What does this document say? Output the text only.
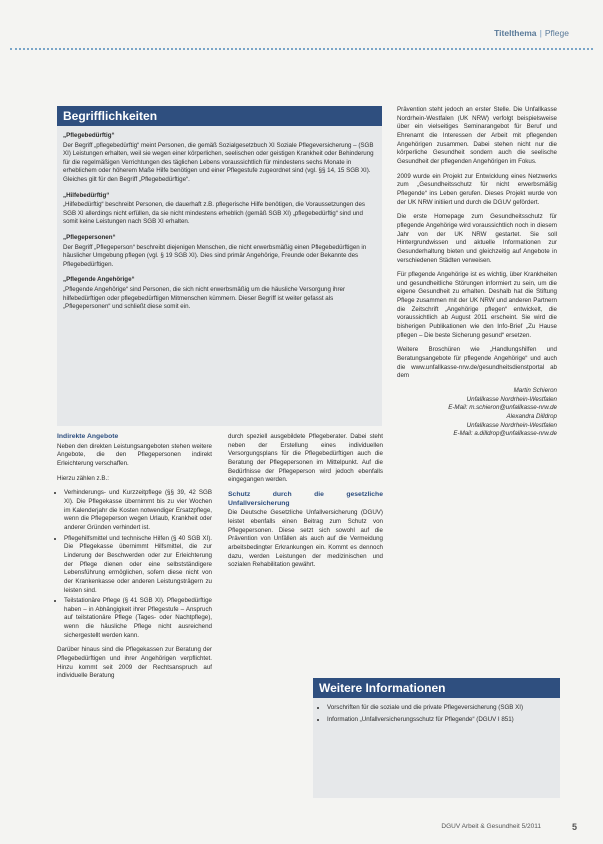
Titelthema | Pflege
Begrifflichkeiten
„Pflegebedürftig“
Der Begriff „pflegebedürftig“ meint Personen, die gemäß Sozialgesetzbuch XI Soziale Pflegeversicherung – (SGB XI) Leistungen erhalten, weil sie wegen einer körperlichen, seelischen oder geistigen Krankheit oder Behinderung für die regelmäßigen Verrichtungen des täglichen Lebens voraussichtlich für mindestens sechs Monate in erheblichem oder höherem Maße Hilfe benötigen und einer Pflegestufe zugeordnet sind (vgl. §§ 14, 15 SGB XI). Gleiches gilt für den Begriff „Pflegebedürftige“.
„Hilfebedürftig“
„Hilfebedürftig“ beschreibt Personen, die dauerhaft z.B. pflegerische Hilfe benötigen, die Voraussetzungen des SGB XI allerdings nicht erfüllen, da sie nicht mindestens erheblich (gemäß SGB XI) „pflegebedürftig“ sind und somit keine Leistungen nach SGB XI erhalten.
„Pflegepersonen“
Der Begriff „Pflegeperson“ beschreibt diejenigen Menschen, die nicht erwerbsmäßig einen Pflegebedürftigen in häuslicher Umgebung pflegen (vgl. § 19 SGB XI). Dies sind primär Angehörige, Freunde oder Bekannte des Pflegebedürftigen.
„Pflegende Angehörige“
„Pflegende Angehörige“ sind Personen, die sich nicht erwerbsmäßig um die häusliche Versorgung ihrer hilfebedürftigen oder pflegebedürftigen Mitmenschen kümmern. Dieser Begriff ist weiter gefasst als „Pflegepersonen“ und schließt diese somit ein.
Indirekte Angebote

Neben den direkten Leistungsangeboten stehen weitere Angebote, die den Pflegepersonen indirekt Erleichterung verschaffen.

Hierzu zählen z.B.:

• Verhinderungs- und Kurzzeitpflege (§§ 39, 42 SGB XI). Die Pflegekasse übernimmt bis zu vier Wochen im Kalenderjahr die Kosten notwendiger Ersatzpflege, wenn die Pflegeperson wegen Urlaub, Krankheit oder anderer Gründen verhindert ist.
• Pflegehilfsmittel und technische Hilfen (§ 40 SGB XI). Die Pflegekasse übernimmt Hilfsmittel, die zur Linderung der Beschwerden oder zur Erleichterung der Pflege dienen oder eine selbstständigere Lebensführung ermöglichen, sofern diese nicht von der Krankenkasse oder anderen Leistungsträgern zu leisten sind.
• Teilstationäre Pflege (§ 41 SGB XI). Pflegebedürftige haben – in Abhängigkeit ihrer Pflegestufe – Anspruch auf teilstationäre Pflege (Tages- oder Nachtpflege), wenn die häusliche Pflege nicht ausreichend sichergestellt werden kann.

Darüber hinaus sind die Pflegekassen zur Beratung der Pflegebedürftigen und ihrer Angehörigen verpflichtet. Hinzu kommt seit 2009 der Rechtsanspruch auf individuelle Beratung

durch speziell ausgebildete Pflegeberater. Dabei steht neben der Erstellung eines individuellen Versorgungsplans für die Pflegebedürftigen auch die Beratung der Pflegepersonen im Mittelpunkt. Auf die Bedürfnisse der Pflegeperson wird jedoch ebenfalls eingegangen werden.

Schutz durch die gesetzliche Unfallversicherung

Die Deutsche Gesetzliche Unfallversicherung (DGUV) leistet ebenfalls einen Beitrag zum Schutz von Pflegepersonen. Diese setzt sich sowohl auf die Prävention von Unfällen als auch auf die Vermeidung arbeitsbedingter Erkrankungen ein. Kommt es dennoch dazu, werden Leistungen der medizinischen und sozialen Rehabilitation gewährt.

Prävention steht jedoch an erster Stelle. Die Unfallkasse Nordrhein-Westfalen (UK NRW) verfolgt beispielsweise über ein vielseitiges Seminarangebot für Beruf und Ehrenamt die Interessen der Arbeit mit pflegenden Angehörigen zusammen. Dabei stehen nicht nur die körperliche Gesundheit sondern auch die seelische Gesundheit der pflegenden Angehörigen im Fokus.

2009 wurde ein Projekt zur Entwicklung eines Netzwerks zum „Gesundheitsschutz für nicht erwerbsmäßig Pflegende“ ins Leben gerufen. Dieses Projekt wurde von der UK NRW initiiert und durch die DGUV gefördert.

Die erste Homepage zum Gesundheitsschutz für pflegende Angehörige wird voraussichtlich noch in diesem Jahr von der UK NRW gestartet. Sie soll Hintergrundwissen und aktuelle Informationen zur Gesunderhaltung bieten und gleichzeitig auf Angebote in verschiedenen Städten verweisen.

Für pflegende Angehörige ist es wichtig, über Krankheiten und gesundheitliche Störungen informiert zu sein, um die eigene Gesundheit zu erhalten. Deshalb hat die Stiftung Pflege zusammen mit der UK NRW und anderen Partnern die Zeitschrift „Angehörige pflegen“ entwickelt, die voraussichtlich ab August 2011 erscheint. Sie wird die bisherigen Publikationen wie den Info-Brief „Zu Hause pflegen – Die beste Sicherung gesund“ ersetzen.

Weitere Broschüren wie „Handlungshilfen und Beratungsangebote für pflegende Angehörige“ und auch die www.unfallkasse-nrw.de/gesundheitsdienstportal ab dem

Martin Schieron

Unfallkasse Nordrhein-Westfalen

E-Mail: m.schieron@unfallkasse-nrw.de

Alexandra Dilldrop

Unfallkasse Nordrhein-Westfalen

E-Mail: a.dilldrop@unfallkasse-nrw.de

Weitere Informationen
• Vorschriften für die soziale und die private Pflegeversicherung (SGB XI)
• Information „Unfallversicherungsschutz für Pflegende“ (DGUV I 851)
DGUV Arbeit & Gesundheit 5/2011	5
